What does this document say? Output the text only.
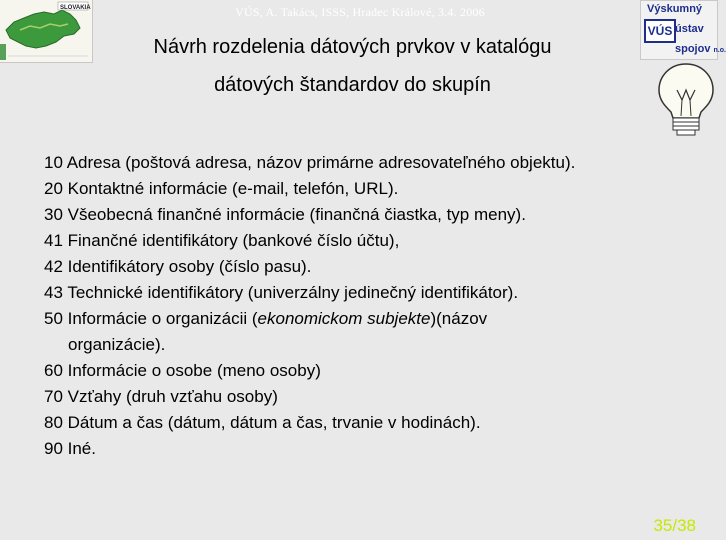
SLOVAKIA	VÚS, A. Takács, ISSS, Hradec Králové, 3.4. 2006
Návrh rozdelenia dátových prvkov v katalógu
dátových štandardov do skupín
Výskumný
VÚS ústav
spojov n.o.
10 Adresa (poštová adresa, názov primárne adresovateľného objektu).
20 Kontaktné informácie (e-mail, telefón, URL).
30 Všeobecná finančné informácie (finančná čiastka, typ meny).
41 Finančné identifikátory (bankové číslo účtu),
42 Identifikátory osoby (číslo pasu).
43 Technické identifikátory (univerzálny jedinečný identifikátor).
50 Informácie o organizácii (ekonomickom subjekte)(názov
organizácie).
60 Informácie o osobe (meno osoby)
70 Vzťahy (druh vzťahu osoby)
80 Dátum a čas (dátum, dátum a čas, trvanie v hodinách).
90 Iné.
35/38
